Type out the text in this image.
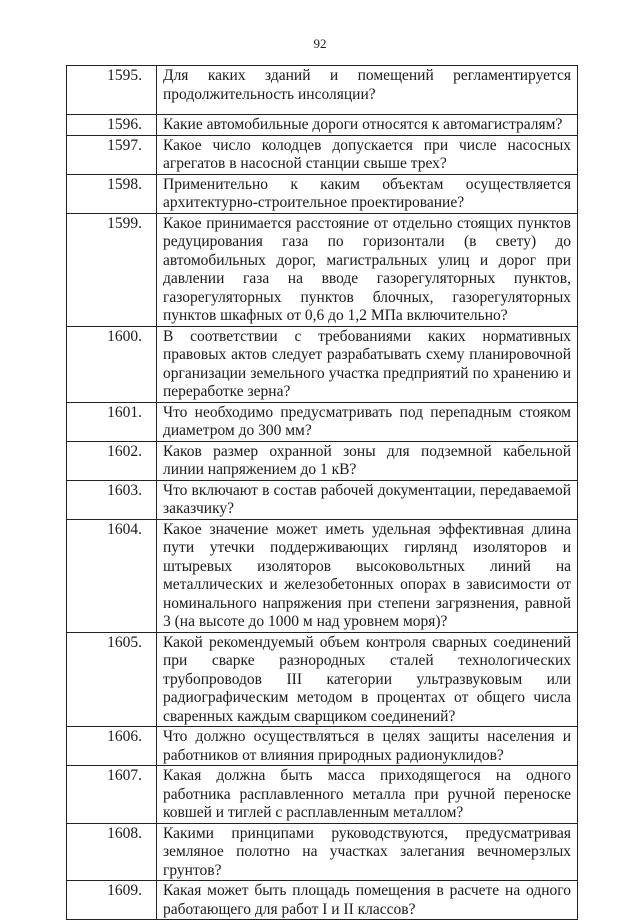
92
1595.	Для каких зданий и помещений регламентируется продолжительность инсоляции?
1596.	Какие автомобильные дороги относятся к автомагистралям?
1597.	Какое число колодцев допускается при числе насосных агрегатов в насосной станции свыше трех?
1598.	Применительно к каким объектам осуществляется архитектурно-строительное проектирование?
1599.	Какое принимается расстояние от отдельно стоящих пунктов редуцирования газа по горизонтали (в свету) до автомобильных дорог, магистральных улиц и дорог при давлении газа на вводе газорегуляторных пунктов, газорегуляторных пунктов блочных, газорегуляторных пунктов шкафных от 0,6 до 1,2 МПа включительно?
1600.	В соответствии с требованиями каких нормативных правовых актов следует разрабатывать схему планировочной организации земельного участка предприятий по хранению и переработке зерна?
1601.	Что необходимо предусматривать под перепадным стояком диаметром до 300 мм?
1602.	Каков размер охранной зоны для подземной кабельной линии напряжением до 1 кВ?
1603.	Что включают в состав рабочей документации, передаваемой заказчику?
1604.	Какое значение может иметь удельная эффективная длина пути утечки поддерживающих гирлянд изоляторов и штыревых изоляторов высоковольтных линий на металлических и железобетонных опорах в зависимости от номинального напряжения при степени загрязнения, равной 3 (на высоте до 1000 м над уровнем моря)?
1605.	Какой рекомендуемый объем контроля сварных соединений при сварке разнородных сталей технологических трубопроводов III категории ультразвуковым или радиографическим методом в процентах от общего числа сваренных каждым сварщиком соединений?
1606.	Что должно осуществляться в целях защиты населения и работников от влияния природных радионуклидов?
1607.	Какая должна быть масса приходящегося на одного работника расплавленного металла при ручной переноске ковшей и тиглей с расплавленным металлом?
1608.	Какими принципами руководствуются, предусматривая земляное полотно на участках залегания вечномерзлых грунтов?
1609.	Какая может быть площадь помещения в расчете на одного работающего для работ I и II классов?
